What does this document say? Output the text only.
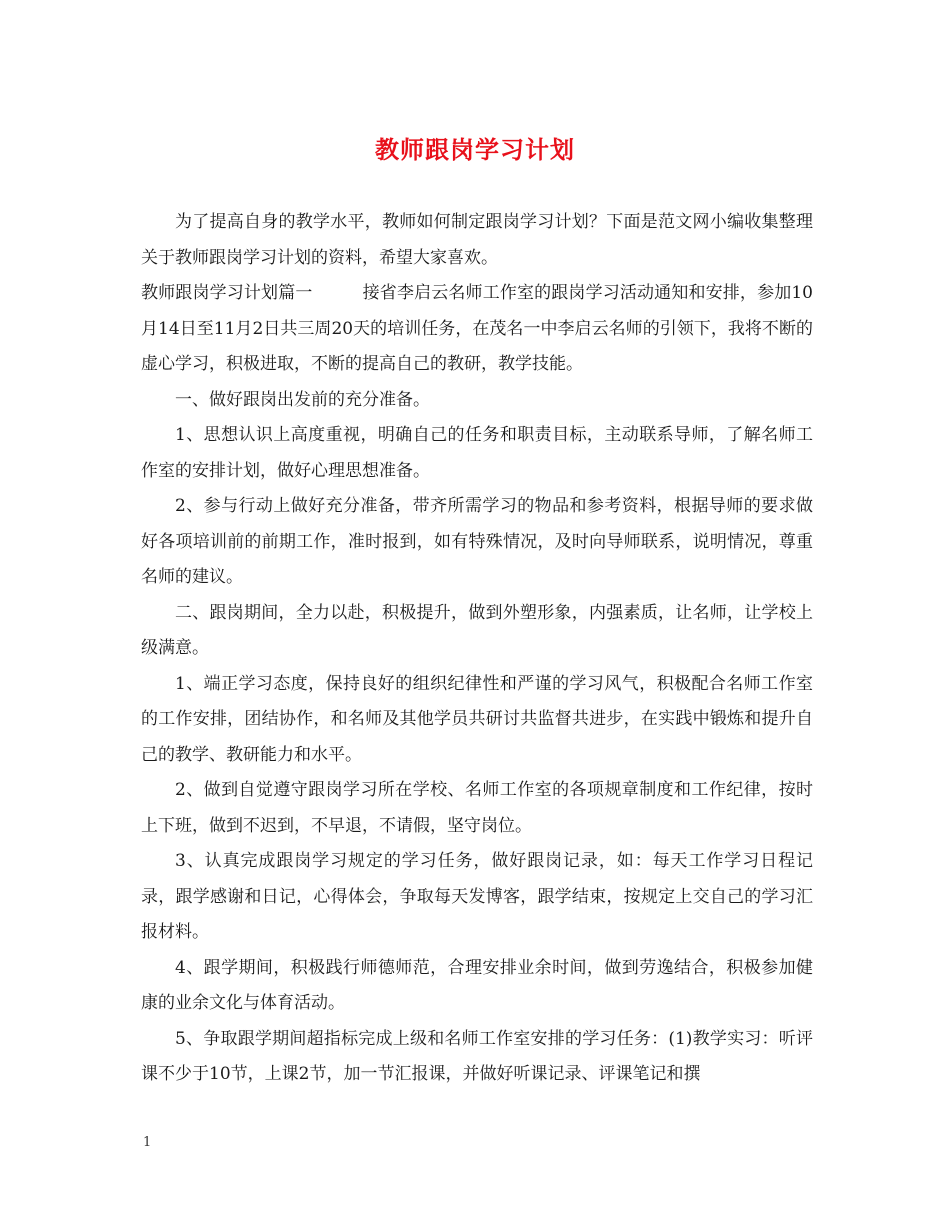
教师跟岗学习计划

为了提高自身的教学水平，教师如何制定跟岗学习计划？下面是范文网小编收集整理关于教师跟岗学习计划的资料，希望大家喜欢。

教师跟岗学习计划篇一	接省李启云名师工作室的跟岗学习活动通知和安排，参加10月14日至11月2日共三周20天的培训任务，在茂名一中李启云名师的引领下，我将不断的虚心学习，积极进取，不断的提高自己的教研，教学技能。

一、做好跟岗出发前的充分准备。

1、思想认识上高度重视，明确自己的任务和职责目标，主动联系导师，了解名师工作室的安排计划，做好心理思想准备。

2、参与行动上做好充分准备，带齐所需学习的物品和参考资料，根据导师的要求做好各项培训前的前期工作，准时报到，如有特殊情况，及时向导师联系，说明情况，尊重名师的建议。

二、跟岗期间，全力以赴，积极提升，做到外塑形象，内强素质，让名师，让学校上级满意。

1、端正学习态度，保持良好的组织纪律性和严谨的学习风气，积极配合名师工作室的工作安排，团结协作，和名师及其他学员共研讨共监督共进步，在实践中锻炼和提升自己的教学、教研能力和水平。

2、做到自觉遵守跟岗学习所在学校、名师工作室的各项规章制度和工作纪律，按时上下班，做到不迟到，不早退，不请假，坚守岗位。

3、认真完成跟岗学习规定的学习任务，做好跟岗记录，如：每天工作学习日程记录，跟学感谢和日记，心得体会，争取每天发博客，跟学结束，按规定上交自己的学习汇报材料。

4、跟学期间，积极践行师德师范，合理安排业余时间，做到劳逸结合，积极参加健康的业余文化与体育活动。

5、争取跟学期间超指标完成上级和名师工作室安排的学习任务：(1)教学实习：听评课不少于10节，上课2节，加一节汇报课，并做好听课记录、评课笔记和撰

1
